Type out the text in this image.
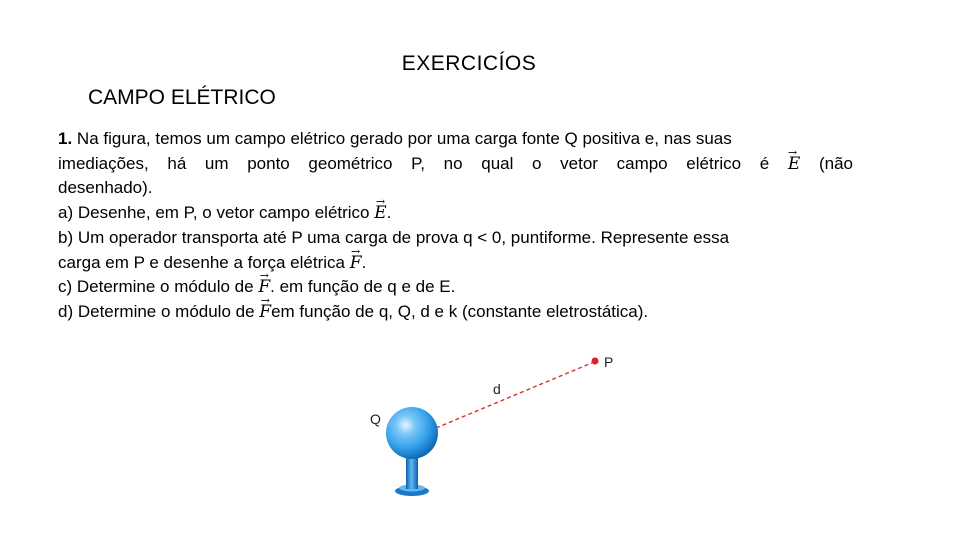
EXERCICÍOS
CAMPO ELÉTRICO

1. Na figura, temos um campo elétrico gerado por uma carga fonte Q positiva e, nas suas

imediações, há um ponto geométrico P, no qual o vetor campo elétrico é → E (não

desenhado).

a) Desenhe, em P, o vetor campo elétrico → E.

b) Um operador transporta até P uma carga de prova q < 0, puntiforme. Represente essa

carga em P e desenhe a força elétrica → F.

c) Determine o módulo de → F. em função de q e de E.

d) Determine o módulo de → Fem função de q, Q, d e k (constante eletrostática).

Q
P
d
